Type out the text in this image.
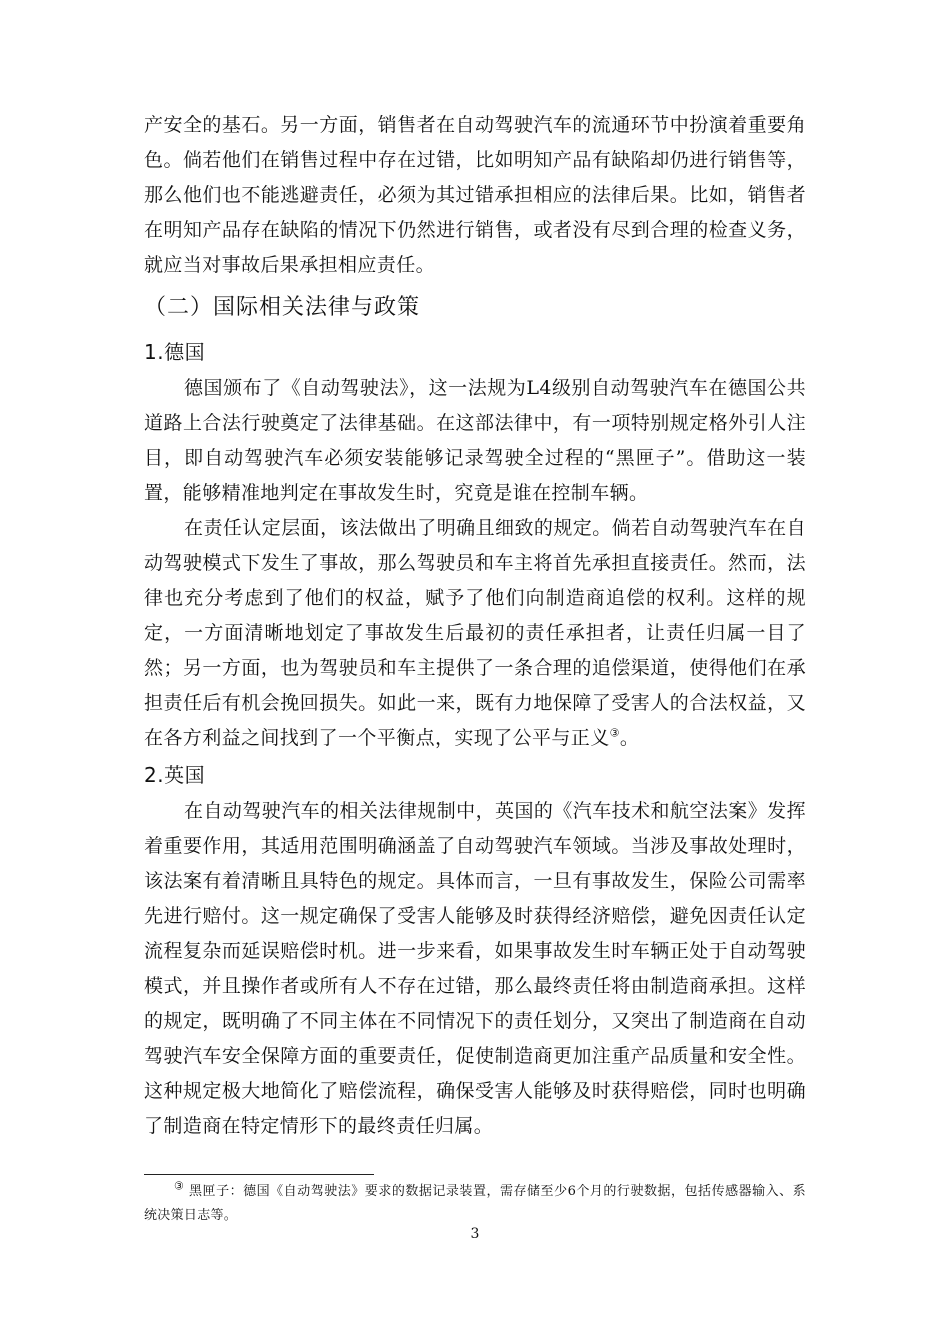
产安全的基石。另一方面，销售者在自动驾驶汽车的流通环节中扮演着重要角色。倘若他们在销售过程中存在过错，比如明知产品有缺陷却仍进行销售等，那么他们也不能逃避责任，必须为其过错承担相应的法律后果。比如，销售者在明知产品存在缺陷的情况下仍然进行销售，或者没有尽到合理的检查义务，就应当对事故后果承担相应责任。

（二）国际相关法律与政策
1.德国

德国颁布了《自动驾驶法》，这一法规为L4级别自动驾驶汽车在德国公共道路上合法行驶奠定了法律基础。在这部法律中，有一项特别规定格外引人注目，即自动驾驶汽车必须安装能够记录驾驶全过程的“黑匣子”。借助这一装置，能够精准地判定在事故发生时，究竟是谁在控制车辆。

在责任认定层面，该法做出了明确且细致的规定。倘若自动驾驶汽车在自动驾驶模式下发生了事故，那么驾驶员和车主将首先承担直接责任。然而，法律也充分考虑到了他们的权益，赋予了他们向制造商追偿的权利。这样的规定，一方面清晰地划定了事故发生后最初的责任承担者，让责任归属一目了然；另一方面，也为驾驶员和车主提供了一条合理的追偿渠道，使得他们在承担责任后有机会挽回损失。如此一来，既有力地保障了受害人的合法权益，又在各方利益之间找到了一个平衡点，实现了公平与正义③。

2.英国

在自动驾驶汽车的相关法律规制中，英国的《汽车技术和航空法案》发挥着重要作用，其适用范围明确涵盖了自动驾驶汽车领域。当涉及事故处理时，该法案有着清晰且具特色的规定。具体而言，一旦有事故发生，保险公司需率先进行赔付。这一规定确保了受害人能够及时获得经济赔偿，避免因责任认定流程复杂而延误赔偿时机。进一步来看，如果事故发生时车辆正处于自动驾驶模式，并且操作者或所有人不存在过错，那么最终责任将由制造商承担。这样的规定，既明确了不同主体在不同情况下的责任划分，又突出了制造商在自动驾驶汽车安全保障方面的重要责任，促使制造商更加注重产品质量和安全性。这种规定极大地简化了赔偿流程，确保受害人能够及时获得赔偿，同时也明确了制造商在特定情形下的最终责任归属。

③ 黑匣子：德国《自动驾驶法》要求的数据记录装置，需存储至少6个月的行驶数据，包括传感器输入、系统决策日志等。

3
